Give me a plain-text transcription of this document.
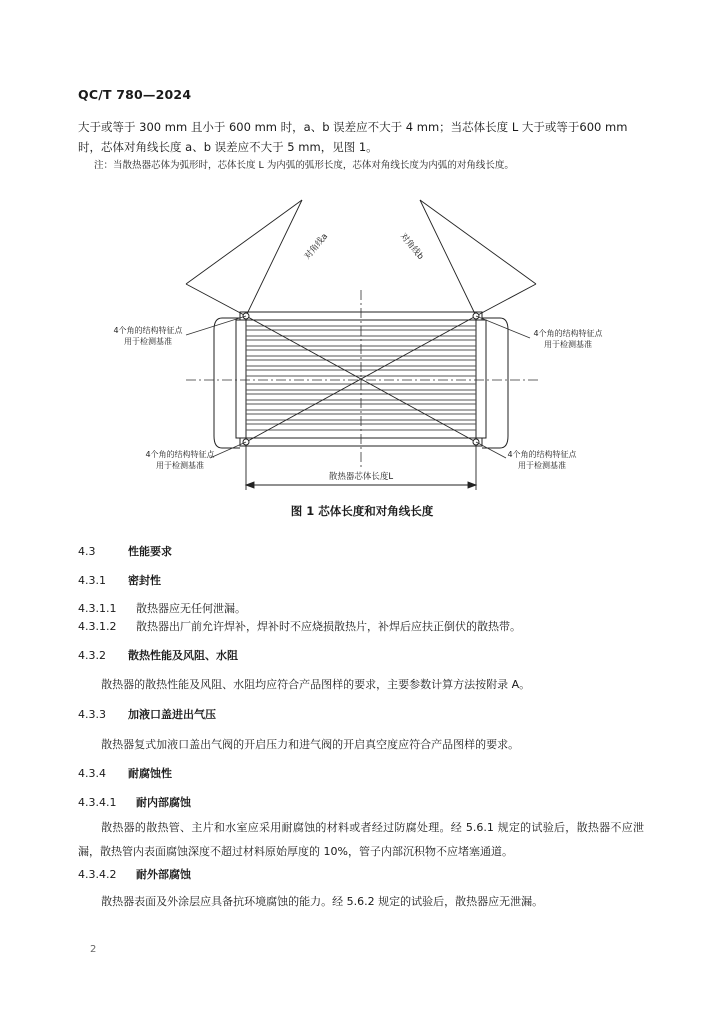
QC/T 780—2024
大于或等于 300 mm 且小于 600 mm 时，a、b 误差应不大于 4 mm；当芯体长度 L 大于或等于600 mm
时，芯体对角线长度 a、b 误差应不大于 5 mm，见图 1。
注：当散热器芯体为弧形时，芯体长度 L 为内弧的弧形长度，芯体对角线长度为内弧的对角线长度。
对角线a	对角线b
4个角的结构特征点
用于检测基准
4个角的结构特征点
用于检测基准
4个角的结构特征点
用于检测基准
4个角的结构特征点
用于检测基准
散热器芯体长度L
图 1 芯体长度和对角线长度
4.3	性能要求
4.3.1 密封性
4.3.1.1 散热器应无任何泄漏。
4.3.1.2 散热器出厂前允许焊补，焊补时不应烧损散热片，补焊后应扶正倒伏的散热带。
4.3.2 散热性能及风阻、水阻
散热器的散热性能及风阻、水阻均应符合产品图样的要求，主要参数计算方法按附录 A。
4.3.3 加液口盖进出气压
散热器复式加液口盖出气阀的开启压力和进气阀的开启真空度应符合产品图样的要求。
4.3.4 耐腐蚀性
4.3.4.1 耐内部腐蚀
散热器的散热管、主片和水室应采用耐腐蚀的材料或者经过防腐处理。经 5.6.1 规定的试验后，散热器不应泄漏，散热管内表面腐蚀深度不超过材料原始厚度的 10%，管子内部沉积物不应堵塞通道。
4.3.4.2 耐外部腐蚀
散热器表面及外涂层应具备抗环境腐蚀的能力。经 5.6.2 规定的试验后，散热器应无泄漏。
2
